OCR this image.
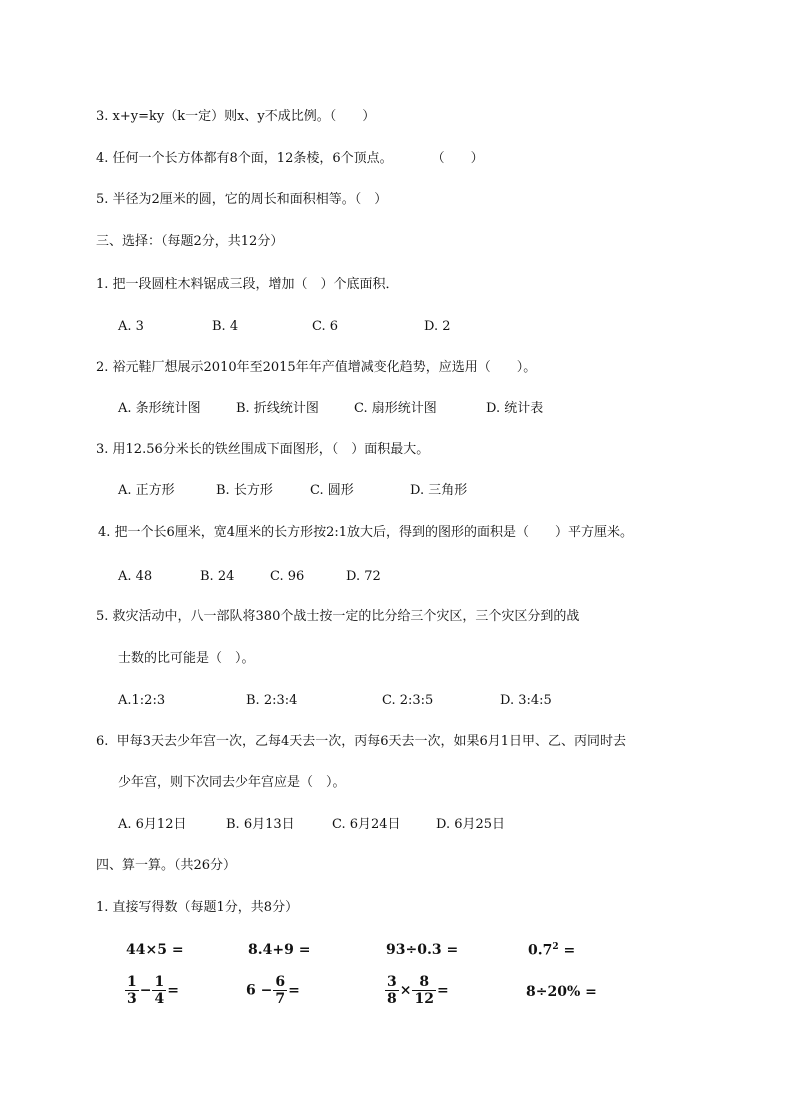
3. x+y=ky（k一定）则x、y不成比例。（　　）
4. 任何一个长方体都有8个面，12条棱，6个顶点。　　　　（　　）
5. 半径为2厘米的圆，它的周长和面积相等。（　）
三、选择：（每题2分，共12分）
1. 把一段圆柱木料锯成三段，增加（　）个底面积．
A. 3	B. 4	C. 6	D. 2
2. 裕元鞋厂想展示2010年至2015年年产值增减变化趋势，应选用（　　）。
A. 条形统计图	B. 折线统计图	C. 扇形统计图	D. 统计表
3. 用12.56分米长的铁丝围成下面图形，（　）面积最大。
A. 正方形	B. 长方形	C. 圆形	D. 三角形
4. 把一个长6厘米，宽4厘米的长方形按2:1放大后，得到的图形的面积是（　　）平方厘米。
A. 48	B. 24	C. 96	D. 72
5. 救灾活动中，八一部队将380个战士按一定的比分给三个灾区，三个灾区分到的战
士数的比可能是（　）。
A.1:2:3	B. 2:3:4	C. 2:3:5	D. 3:4:5
6.  甲每3天去少年宫一次，乙每4天去一次，丙每6天去一次，如果6月1日甲、乙、丙同时去
少年宫，则下次同去少年宫应是（　）。
A. 6月12日	B. 6月13日	C. 6月24日	D. 6月25日
四、算一算。（共26分）
1. 直接写得数（每题1分，共8分）
44×5 =	8.4+9 =	93÷0.3 =	$0.7^2$ =
$\frac{1}{3} - \frac{1}{4}$ =	$6 - \frac{6}{7}$ =	$\frac{3}{8} \times \frac{8}{12}$ =	8÷20% =
